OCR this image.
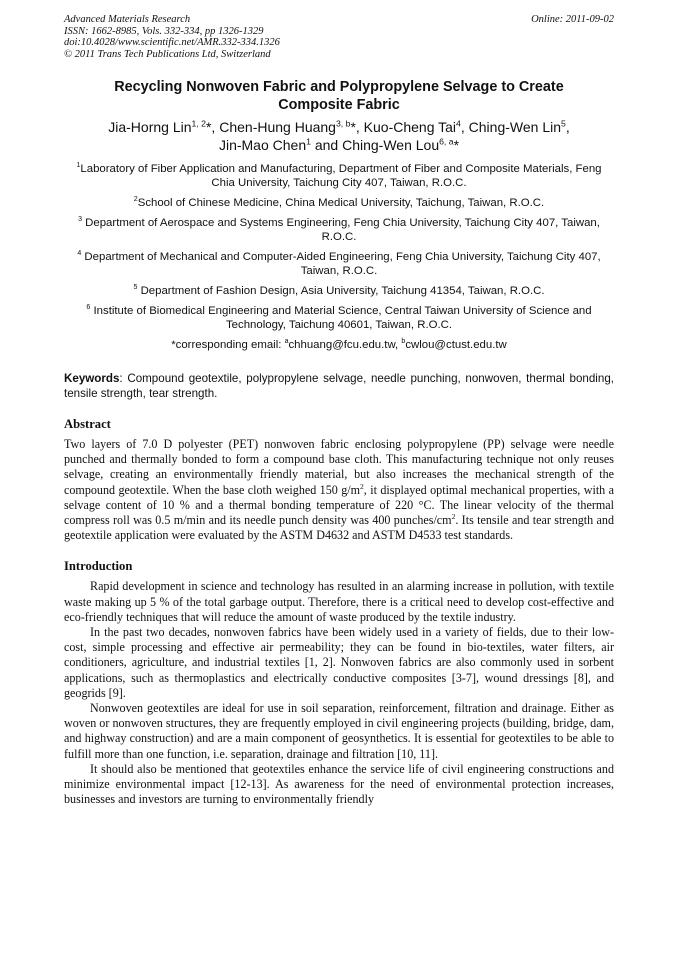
Advanced Materials Research
ISSN: 1662-8985, Vols. 332-334, pp 1326-1329
doi:10.4028/www.scientific.net/AMR.332-334.1326
© 2011 Trans Tech Publications Ltd, Switzerland
Online: 2011-09-02
Recycling Nonwoven Fabric and Polypropylene Selvage to Create Composite Fabric
Jia-Horng Lin$^{1, 2}$*, Chen-Hung Huang$^{3, b}$*, Kuo-Cheng Tai$^4$, Ching-Wen Lin$^5$,
Jin-Mao Chen$^1$ and Ching-Wen Lou$^{6, a}$*
$^1$Laboratory of Fiber Application and Manufacturing, Department of Fiber and Composite Materials, Feng Chia University, Taichung City 407, Taiwan, R.O.C.
$^2$School of Chinese Medicine, China Medical University, Taichung, Taiwan, R.O.C.
$^3$ Department of Aerospace and Systems Engineering, Feng Chia University, Taichung City 407, Taiwan, R.O.C.
$^4$ Department of Mechanical and Computer-Aided Engineering, Feng Chia University, Taichung City 407, Taiwan, R.O.C.
$^5$ Department of Fashion Design, Asia University, Taichung 41354, Taiwan, R.O.C.
$^6$ Institute of Biomedical Engineering and Material Science, Central Taiwan University of Science and Technology, Taichung 40601, Taiwan, R.O.C.
*corresponding email: $^a$chhuang@fcu.edu.tw, $^b$cwlou@ctust.edu.tw
Keywords: Compound geotextile, polypropylene selvage, needle punching, nonwoven, thermal bonding, tensile strength, tear strength.
Abstract
Two layers of 7.0 D polyester (PET) nonwoven fabric enclosing polypropylene (PP) selvage were needle punched and thermally bonded to form a compound base cloth. This manufacturing technique not only reuses selvage, creating an environmentally friendly material, but also increases the mechanical strength of the compound geotextile. When the base cloth weighed 150 $g/m^2$, it displayed optimal mechanical properties, with a selvage content of 10 % and a thermal bonding temperature of 220 °C. The linear velocity of the thermal compress roll was 0.5 m/min and its needle punch density was 400 punches/$cm^2$. Its tensile and tear strength and geotextile application were evaluated by the ASTM D4632 and ASTM D4533 test standards.
Introduction
Rapid development in science and technology has resulted in an alarming increase in pollution, with textile waste making up 5 % of the total garbage output. Therefore, there is a critical need to develop cost-effective and eco-friendly techniques that will reduce the amount of waste produced by the textile industry.
In the past two decades, nonwoven fabrics have been widely used in a variety of fields, due to their low-cost, simple processing and effective air permeability; they can be found in bio-textiles, water filters, air conditioners, agriculture, and industrial textiles [1, 2]. Nonwoven fabrics are also commonly used in sorbent applications, such as thermoplastics and electrically conductive composites [3-7], wound dressings [8], and geogrids [9].
Nonwoven geotextiles are ideal for use in soil separation, reinforcement, filtration and drainage. Either as woven or nonwoven structures, they are frequently employed in civil engineering projects (building, bridge, dam, and highway construction) and are a main component of geosynthetics. It is essential for geotextiles to be able to fulfill more than one function, i.e. separation, drainage and filtration [10, 11].
It should also be mentioned that geotextiles enhance the service life of civil engineering constructions and minimize environmental impact [12-13]. As awareness for the need of environmental protection increases, businesses and investors are turning to environmentally friendly
